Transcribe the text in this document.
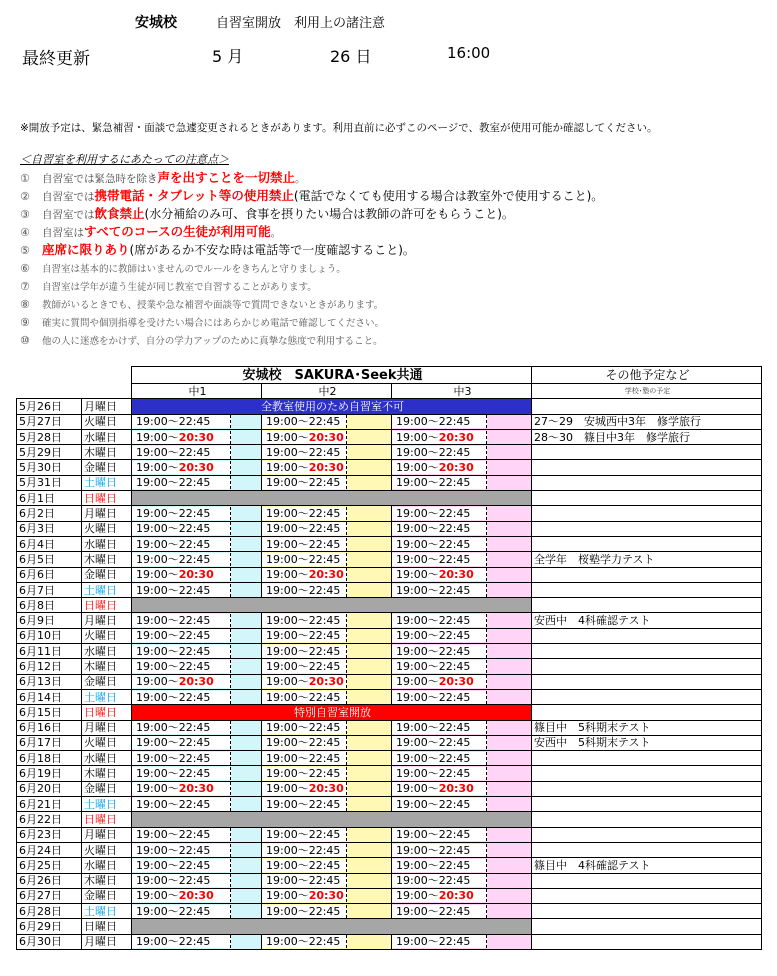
安城校	自習室開放　利用上の諸注意
最終更新	5 月	26 日	16:00
※開放予定は、緊急補習・面談で急遽変更されるときがあります。利用直前に必ずこのページで、教室が使用可能か確認してください。
＜自習室を利用するにあたっての注意点＞
① 自習室では緊急時を除き声を出すことを一切禁止。
② 自習室では携帯電話・タブレット等の使用禁止(電話でなくても使用する場合は教室外で使用すること)。
③ 自習室では飲食禁止(水分補給のみ可、食事を摂りたい場合は教師の許可をもらうこと)。
④ 自習室はすべてのコースの生徒が利用可能。
⑤ 座席に限りあり(席があるか不安な時は電話等で一度確認すること)。
⑥ 自習室は基本的に教師はいませんのでルールをきちんと守りましょう。
⑦ 自習室は学年が違う生徒が同じ教室で自習することがあります。
⑧ 教師がいるときでも、授業や急な補習や面談等で質問できないときがあります。
⑨ 確実に質問や個別指導を受けたい場合にはあらかじめ電話で確認してください。
⑩ 他の人に迷惑をかけず、自分の学力アップのために真摯な態度で利用すること。
		安城校　SAKURA･Seek共通			その他予定など
		中1	中2	中3	学校･塾の予定
5月26日	月曜日	全教室使用のため自習室不可			
5月27日	火曜日	19:00～22:45	19:00～22:45	19:00～22:45	27～29　安城西中3年　修学旅行
5月28日	水曜日	19:00～20:30	19:00～20:30	19:00～20:30	28～30　篠目中3年　修学旅行
5月29日	木曜日	19:00～22:45	19:00～22:45	19:00～22:45	

5月30日	金曜日	19:00～20:30	19:00～20:30	19:00～20:30	

5月31日	土曜日	19:00～22:45	19:00～22:45	19:00～22:45	

6月1日	日曜日				
6月2日	月曜日	19:00～22:45	19:00～22:45	19:00～22:45	

6月3日	火曜日	19:00～22:45	19:00～22:45	19:00～22:45	

6月4日	水曜日	19:00～22:45	19:00～22:45	19:00～22:45	

6月5日	木曜日	19:00～22:45	19:00～22:45	19:00～22:45	全学年　桜塾学力テスト
6月6日	金曜日	19:00～20:30	19:00～20:30	19:00～20:30	

6月7日	土曜日	19:00～22:45	19:00～22:45	19:00～22:45	

6月8日	日曜日				
6月9日	月曜日	19:00～22:45	19:00～22:45	19:00～22:45	安西中　4科確認テスト
6月10日	火曜日	19:00～22:45	19:00～22:45	19:00～22:45	

6月11日	水曜日	19:00～22:45	19:00～22:45	19:00～22:45	

6月12日	木曜日	19:00～22:45	19:00～22:45	19:00～22:45	

6月13日	金曜日	19:00～20:30	19:00～20:30	19:00～20:30	

6月14日	土曜日	19:00～22:45	19:00～22:45	19:00～22:45	

6月15日	日曜日	特別自習室開放			
6月16日	月曜日	19:00～22:45	19:00～22:45	19:00～22:45	篠目中　5科期末テスト
6月17日	火曜日	19:00～22:45	19:00～22:45	19:00～22:45	安西中　5科期末テスト
6月18日	水曜日	19:00～22:45	19:00～22:45	19:00～22:45	

6月19日	木曜日	19:00～22:45	19:00～22:45	19:00～22:45	

6月20日	金曜日	19:00～20:30	19:00～20:30	19:00～20:30	

6月21日	土曜日	19:00～22:45	19:00～22:45	19:00～22:45	

6月22日	日曜日				
6月23日	月曜日	19:00～22:45	19:00～22:45	19:00～22:45	

6月24日	火曜日	19:00～22:45	19:00～22:45	19:00～22:45	

6月25日	水曜日	19:00～22:45	19:00～22:45	19:00～22:45	篠目中　4科確認テスト
6月26日	木曜日	19:00～22:45	19:00～22:45	19:00～22:45	

6月27日	金曜日	19:00～20:30	19:00～20:30	19:00～20:30	

6月28日	土曜日	19:00～22:45	19:00～22:45	19:00～22:45	

6月29日	日曜日				
6月30日	月曜日	19:00～22:45	19:00～22:45	19:00～22:45	
